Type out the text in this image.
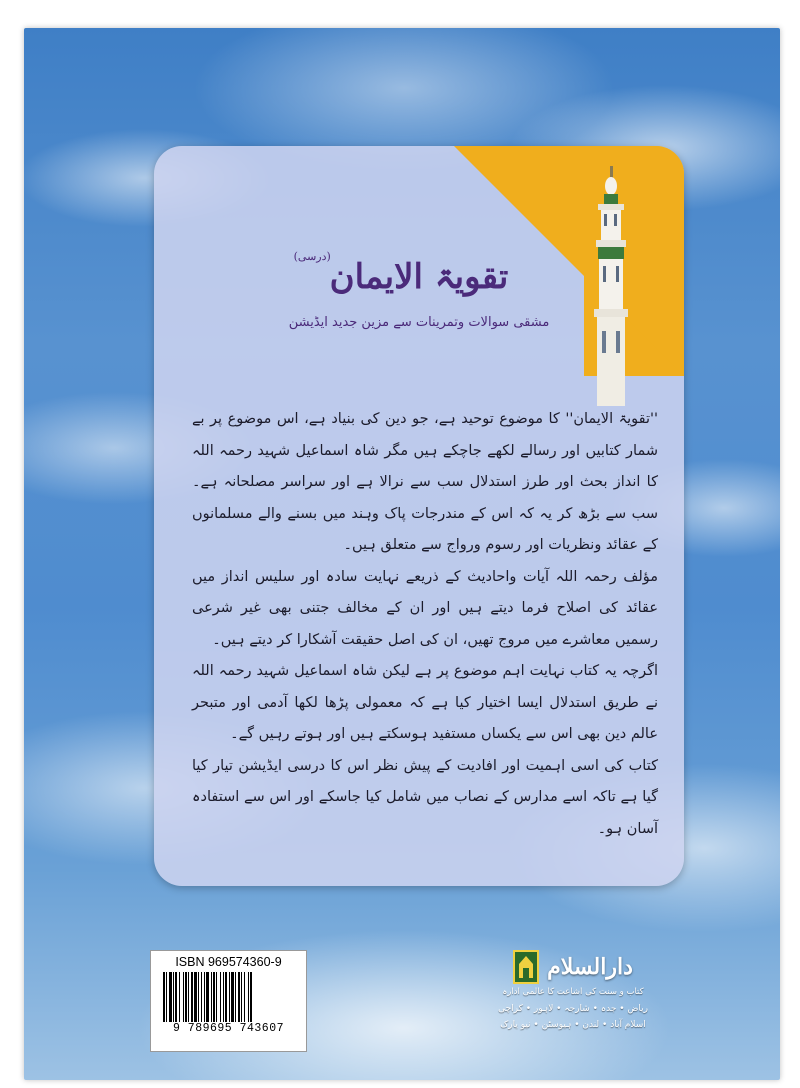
تقویۃ الایمان
(درسی)
مشقی سوالات وتمرینات سے مزین جدید ایڈیشن

''تقویۃ الایمان'' کا موضوع توحید ہے، جو دین کی بنیاد ہے، اس موضوع پر بے شمار کتابیں اور رسالے لکھے جاچکے ہیں مگر شاہ اسماعیل شہید رحمہ اللہ کا انداز بحث اور طرز استدلال سب سے نرالا ہے اور سراسر مصلحانہ ہے۔ سب سے بڑھ کر یہ کہ اس کے مندرجات پاک وہند میں بسنے والے مسلمانوں کے عقائد ونظریات اور رسوم ورواج سے متعلق ہیں۔

مؤلف رحمہ اللہ آیات واحادیث کے ذریعے نہایت سادہ اور سلیس انداز میں عقائد کی اصلاح فرما دیتے ہیں اور ان کے مخالف جتنی بھی غیر شرعی رسمیں معاشرے میں مروج تھیں، ان کی اصل حقیقت آشکارا کر دیتے ہیں۔

اگرچہ یہ کتاب نہایت اہم موضوع پر ہے لیکن شاہ اسماعیل شہید رحمہ اللہ نے طریق استدلال ایسا اختیار کیا ہے کہ معمولی پڑھا لکھا آدمی اور متبحر عالم دین بھی اس سے یکساں مستفید ہوسکتے ہیں اور ہوتے رہیں گے۔

کتاب کی اسی اہمیت اور افادیت کے پیش نظر اس کا درسی ایڈیشن تیار کیا گیا ہے تاکہ اسے مدارس کے نصاب میں شامل کیا جاسکے اور اس سے استفادہ آسان ہو۔

ISBN 969574360-9
9 789695 743607
دارالسلام
کتاب و سنت کی اشاعت کا عالمی ادارہ
ریاض • جدہ • شارجہ • لاہور • کراچی
اسلام آباد • لندن • ہیوسٹن • نیو یارک
